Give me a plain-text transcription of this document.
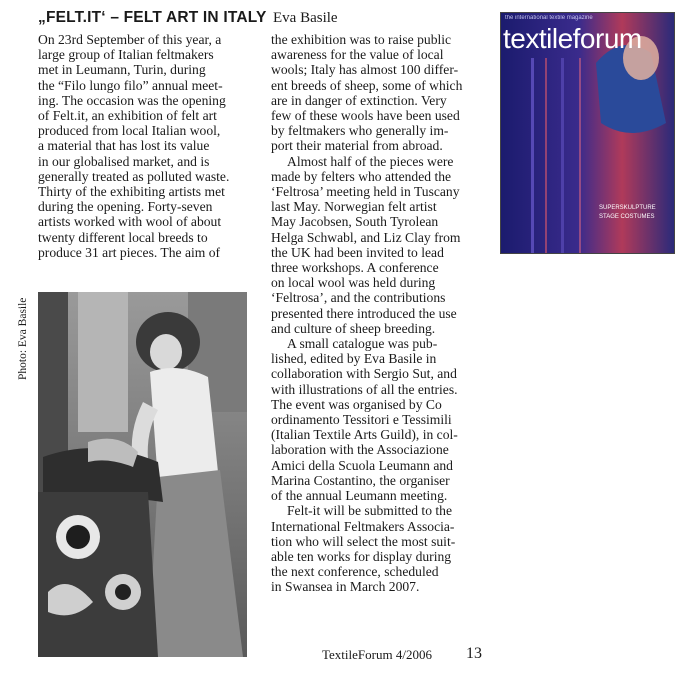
„FELT.IT‘ – FELT ART IN ITALY Eva Basile

On 23rd September of this year, a

large group of Italian feltmakers

met in Leumann, Turin, during

the “Filo lungo filo” annual meet-

ing. The occasion was the opening

of Felt.it, an exhibition of felt art

produced from local Italian wool,

a material that has lost its value

in our globalised market, and is

generally treated as polluted waste.

Thirty of the exhibiting artists met

during the opening. Forty-seven

artists worked with wool of about

twenty different local breeds to

produce 31 art pieces. The aim of

the exhibition was to raise public

awareness for the value of local

wools; Italy has almost 100 differ-

ent breeds of sheep, some of which

are in danger of extinction. Very

few of these wools have been used

by feltmakers who generally im-

port their material from abroad.

Almost half of the pieces were

made by felters who attended the

‘Feltrosa’ meeting held in Tuscany

last May. Norwegian felt artist

May Jacobsen, South Tyrolean

Helga Schwabl, and Liz Clay from

the UK had been invited to lead

three workshops. A conference

on local wool was held during

‘Feltrosa’, and the contributions

presented there introduced the use

and culture of sheep breeding.

A small catalogue was pub-

lished, edited by Eva Basile in

collaboration with Sergio Sut, and

with illustrations of all the entries.

The event was organised by Co

ordinamento Tessitori e Tessimili

(Italian Textile Arts Guild), in col-

laboration with the Associazione

Amici della Scuola Leumann and

Marina Costantino, the organiser

of the annual Leumann meeting.

Felt-it will be submitted to the

International Feltmakers Associa-

tion who will select the most suit-

able ten works for display during

the next conference, scheduled

in Swansea in March 2007.

Photo: Eva Basile
the international textile magazine
textileforum
SUPERSKULPTURE
STAGE COSTUMES
TextileForum 4/2006 13
